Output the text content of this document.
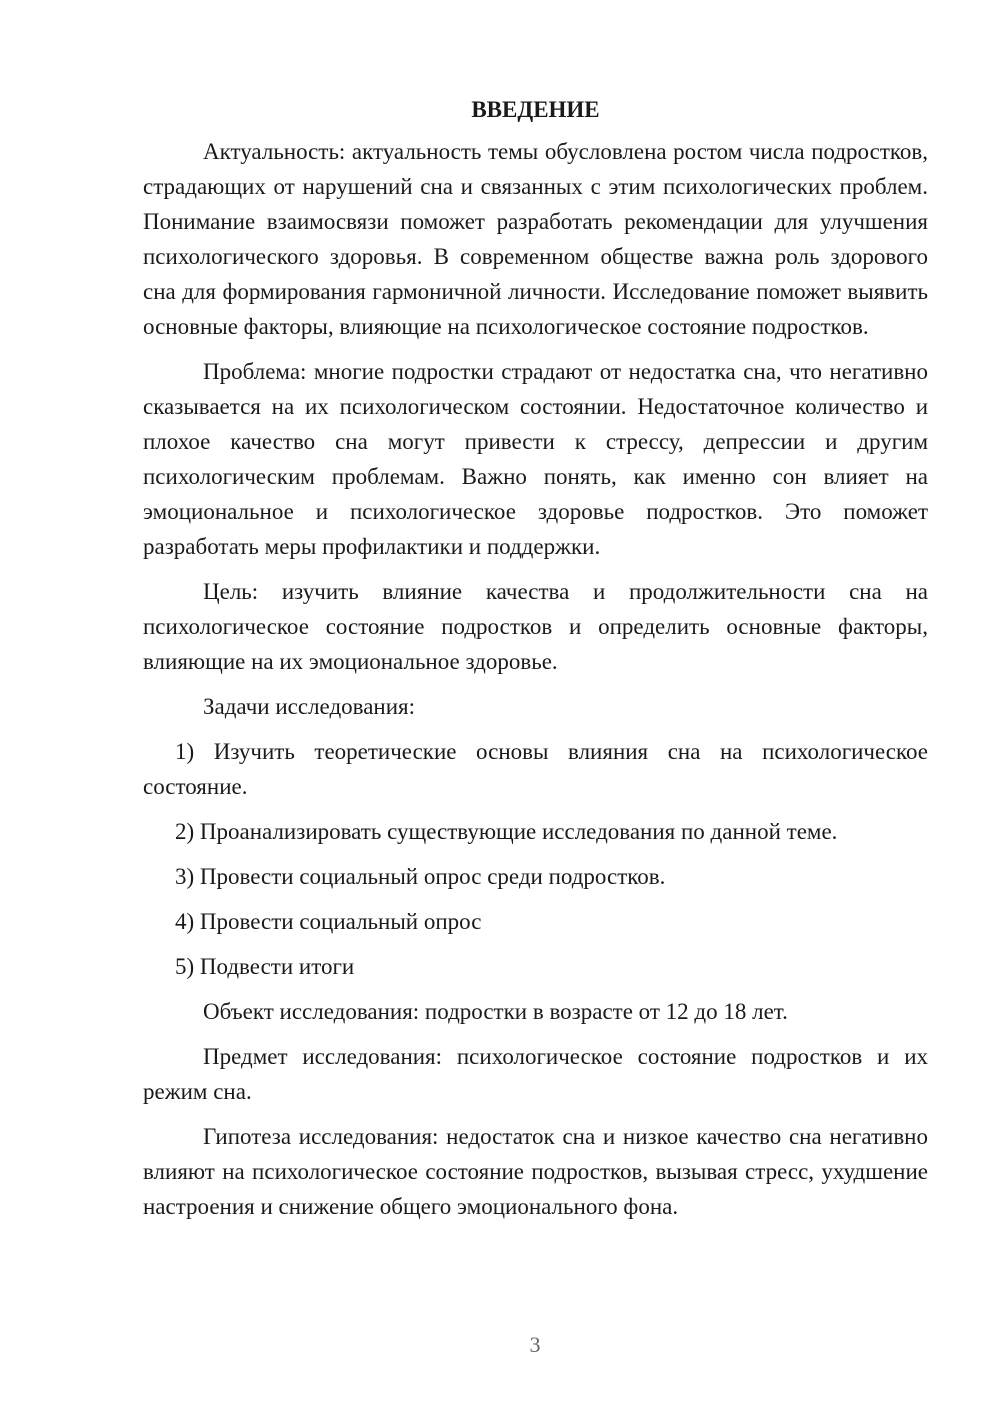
ВВЕДЕНИЕ

Актуальность: актуальность темы обусловлена ростом числа подростков, страдающих от нарушений сна и связанных с этим психологических проблем. Понимание взаимосвязи поможет разработать рекомендации для улучшения психологического здоровья. В современном обществе важна роль здорового сна для формирования гармоничной личности. Исследование поможет выявить основные факторы, влияющие на психологическое состояние подростков.

Проблема: многие подростки страдают от недостатка сна, что негативно сказывается на их психологическом состоянии. Недостаточное количество и плохое качество сна могут привести к стрессу, депрессии и другим психологическим проблемам. Важно понять, как именно сон влияет на эмоциональное и психологическое здоровье подростков. Это поможет разработать меры профилактики и поддержки.

Цель: изучить влияние качества и продолжительности сна на психологическое состояние подростков и определить основные факторы, влияющие на их эмоциональное здоровье.

Задачи исследования:

1) Изучить теоретические основы влияния сна на психологическое состояние.

2) Проанализировать существующие исследования по данной теме.

3) Провести социальный опрос среди подростков.

4) Провести социальный опрос

5) Подвести итоги

Объект исследования: подростки в возрасте от 12 до 18 лет.

Предмет исследования: психологическое состояние подростков и их режим сна.

Гипотеза исследования: недостаток сна и низкое качество сна негативно влияют на психологическое состояние подростков, вызывая стресс, ухудшение настроения и снижение общего эмоционального фона.

3
